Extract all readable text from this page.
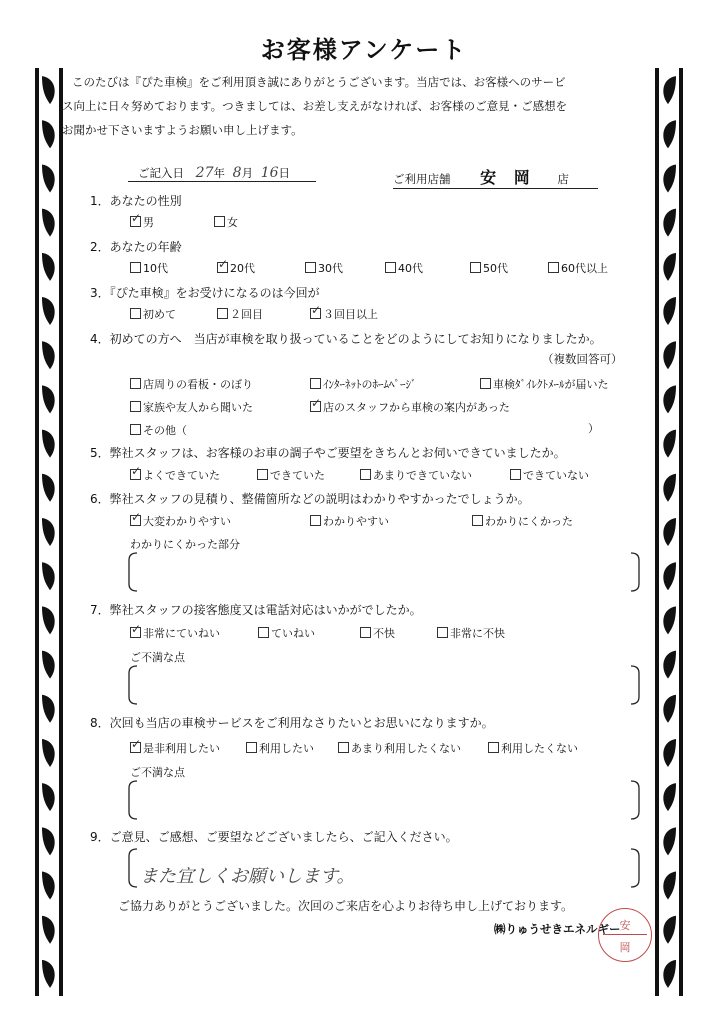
お客様アンケート
このたびは『ぴた車検』をご利用頂き誠にありがとうございます。当店では、お客様へのサービ
ス向上に日々努めております。つきましては、お差し支えがなければ、お客様のご意見・ご感想を
お聞かせ下さいますようお願い申し上げます。
ご記入日 27年 8月 16日	ご利用店舗 安 岡 店
1．あなたの性別
✓男	女
2．あなたの年齢
10代 ✓	20代	30代	40代	50代	60代以上
3．『ぴた車検』をお受けになるのは今回が
初めて	２回目 ✓	３回目以上
4．初めての方へ　当店が車検を取り扱っていることをどのようにしてお知りになりましたか。
（複数回答可）
店周りの看板・のぼり	ｲﾝﾀｰﾈｯﾄのﾎｰﾑﾍﾟｰｼﾞ	車検ﾀﾞｲﾚｸﾄﾒｰﾙが届いた
家族や友人から聞いた ✓	店のスタッフから車検の案内があった
その他（	）
5．弊社スタッフは、お客様のお車の調子やご要望をきちんとお伺いできていましたか。
✓よくできていた	できていた	あまりできていない	できていない
6．弊社スタッフの見積り、整備箇所などの説明はわかりやすかったでしょうか。
✓大変わかりやすい	わかりやすい	わかりにくかった
わかりにくかった部分
7．弊社スタッフの接客態度又は電話対応はいかがでしたか。
✓非常にていねい	ていねい	不快	非常に不快
ご不満な点
8．次回も当店の車検サービスをご利用なさりたいとお思いになりますか。
✓是非利用したい	利用したい	あまり利用したくない	利用したくない
ご不満な点
9．ご意見、ご感想、ご要望などございましたら、ご記入ください。
また宜しくお願いします。
ご協力ありがとうございました。次回のご来店を心よりお待ち申し上げております。
㈱りゅうせきエネルギー 安
岡
